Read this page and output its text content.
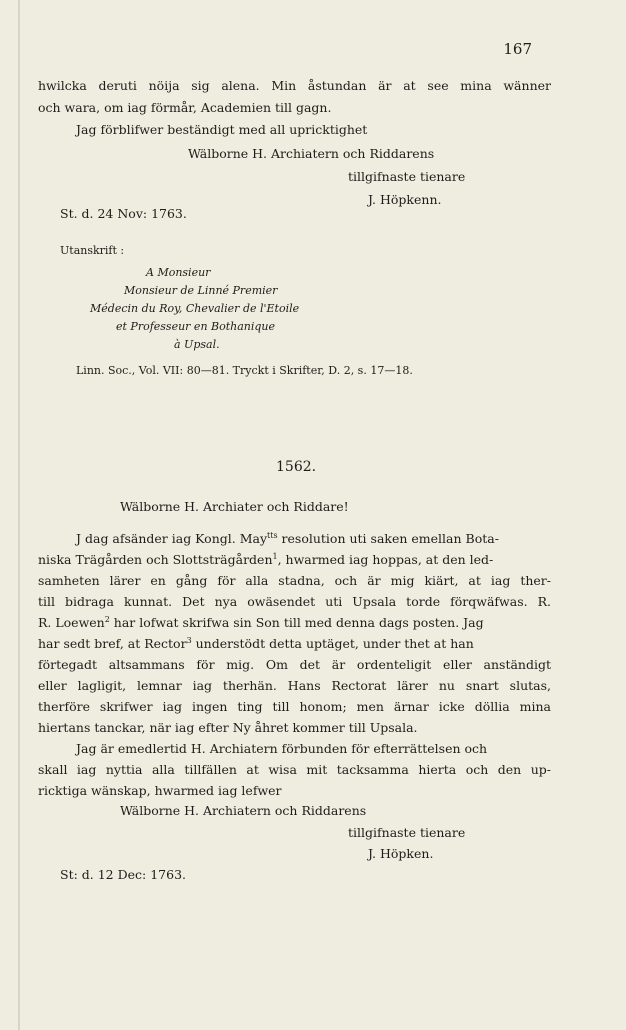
167
hwilcka deruti nöija sig alena. Min åstundan är at see mina wänner
och wara, om iag förmår, Academien till gagn.
Jag förblifwer beständigt med all upricktighet
Wälborne H. Archiatern och Riddarens
tillgifnaste tienare
J. Höpkenn.
St. d. 24 Nov: 1763.
Utanskrift :
A Monsieur
Monsieur de Linné Premier
Médecin du Roy, Chevalier de l'Etoile
et Professeur en Bothanique
à Upsal.
Linn. Soc., Vol. VII: 80—81. Tryckt i Skrifter, D. 2, s. 17—18.
1562.
Wälborne H. Archiater och Riddare!
J dag afsänder iag Kongl. May$^{tts}$ resolution uti saken emellan Bota-
niska Trägården och Slottsträgården$^1$, hwarmed iag hoppas, at den led-
samheten lärer en gång för alla stadna, och är mig kiärt, at iag ther-
till bidraga kunnat. Det nya owäsendet uti Upsala torde förqwäfwas. R.
R. Loewen$^2$ har lofwat skrifwa sin Son till med denna dags posten. Jag
har sedt bref, at Rector$^3$ understödt detta uptäget, under thet at han
förtegadt altsammans för mig. Om det är ordenteligit eller anständigt
eller lagligit, lemnar iag therhän. Hans Rectorat lärer nu snart slutas,
therföre skrifwer iag ingen ting till honom; men ärnar icke döllia mina
hiertans tanckar, när iag efter Ny åhret kommer till Upsala.
Jag är emedlertid H. Archiatern förbunden för efterrättelsen och
skall iag nyttia alla tillfällen at wisa mit tacksamma hierta och den up-
ricktiga wänskap, hwarmed iag lefwer
Wälborne H. Archiatern och Riddarens
tillgifnaste tienare
J. Höpken.
St: d. 12 Dec: 1763.
